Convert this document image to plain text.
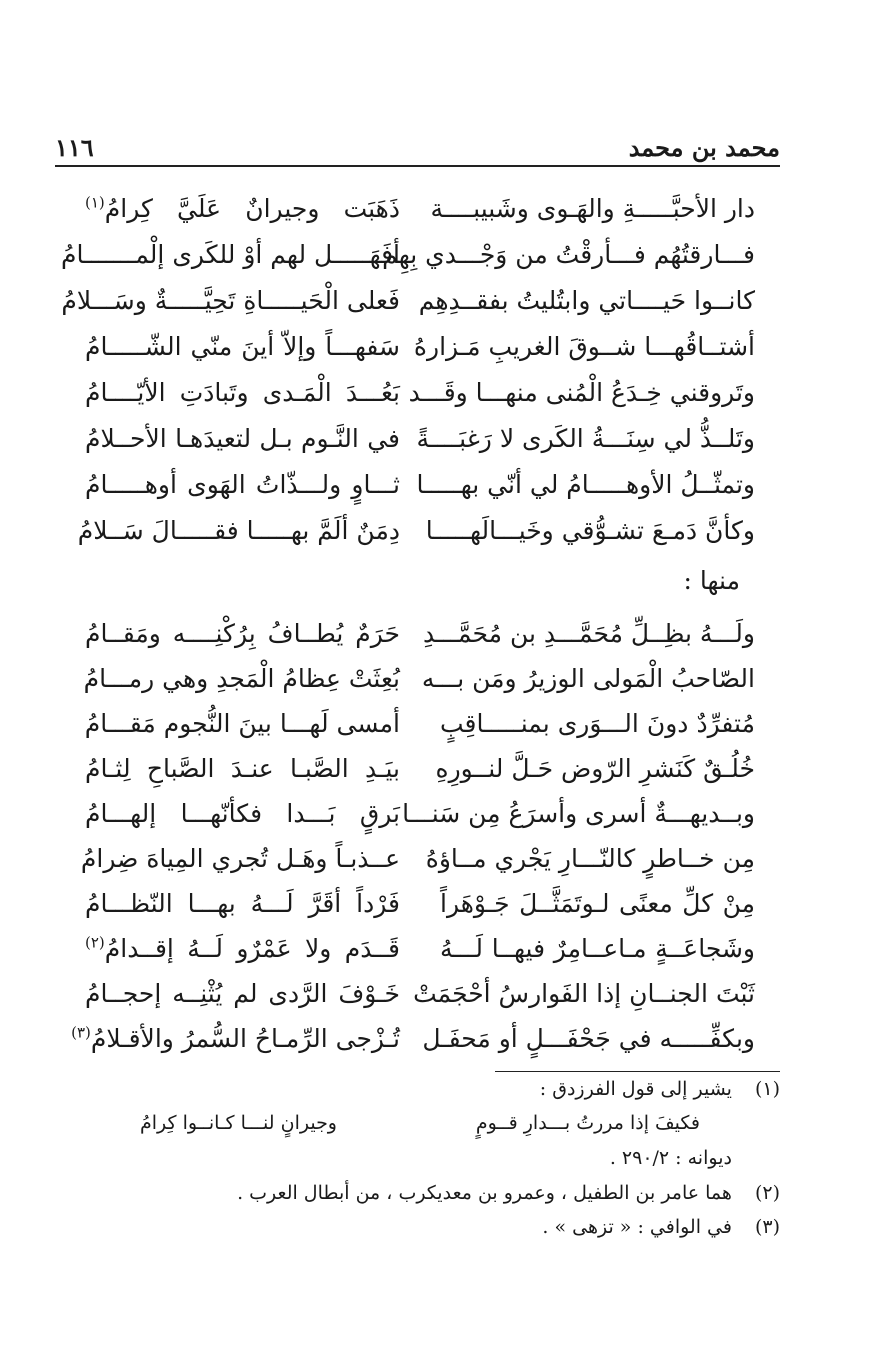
محمد بن محمد
١١٦
دار الأحبَّـــــةِ والهَـوى وشَبيبــــة
ذَهَبَت وجيرانٌ عَلَيَّ كِرامُ$^{(١)}$
فـــارقتُهُم فـــأرقْتُ من وَجْـــدي بِهِم
أفَهَـــــل لهم أوْ للكَرى إلْمـــــــامُ
كانــوا حَيــــاتي وابتُليتُ بفقــدِهِم
فَعلى الْحَيـــــاةِ تَحِيَّـــــةٌ وسَـــلامُ
أشتــاقُهـــا شــوقَ الغريبِ مَـزارهُ
سَفهـــاً وإلاّ أينَ منّي الشّـــــامُ
وتَروقني خِـدَعُ الْمُنى منهـــا وقَـــد
بَعُـــدَ الْمَـدى وتَبادَتِ الأيّــــامُ
وتَلــذُّ لي سِنَـــةُ الكَرى لا رَغبَــــةً
في النَّـوم بـل لتعيدَهـا الأحــلامُ
وتمثّــلُ الأوهـــــامُ لي أنّي بهـــــا
ثـــاوٍ ولـــذّاتُ الهَوى أوهـــــامُ
وكأنَّ دَمـعَ تشـوُّقي وخَيـــالَهـــــا
دِمَنٌ ألَمَّ بهـــــا فقـــــالَ سَــلامُ
منها :
ولَـــهُ بظِــلِّ مُحَمَّـــدِ بن مُحَمَّـــدِ
حَرَمٌ يُطــافُ بِرُكْنِــــه ومَقــامُ
الصّاحبُ الْمَولى الوزيرُ ومَن بـــه
بُعِثَتْ عِظامُ الْمَجدِ وهي رمـــامُ
مُتفرِّدٌ دونَ الـــوَرى بمنـــــاقِبٍ
أمسى لَهـــا بينَ النُّجوم مَقـــامُ
خُلُـقٌ كَنَشرِ الرّوض حَـلَّ لنــورِهِ
بيَـدِ الصَّبـا عنـدَ الصَّباحِ لِثـامُ
وبــديهـــةٌ أسرى وأسرَعُ مِن سَنـــا
بَرقٍ بَـــدا فكأنّهـــا إلهـــامُ
مِن خــاطرٍ كالنّـــارِ يَجْري مــاؤهُ
عــذبـاً وهَـل تُجري المِياهَ ضِرامُ
مِنْ كلِّ معنًى لـوتَمَثَّــلَ جَـوْهَراً
فَرْداً أقَرَّ لَـــهُ بهـــا النّظـــامُ
وشَجاعَــةٍ مـاعــامِرٌ فيهــا لَـــهُ
قَــدَم ولا عَمْرٌو لَــهُ إقــدامُ$^{(٢)}$
ثَبْتَ الجنــانِ إذا الفَوارسُ أحْجَمَتْ
خَـوْفَ الرَّدى لم يُثْنِــه إحجــامُ
وبكفِّـــــه في جَحْفَـــلٍ أو مَحفَـل
تُـزْجى الرِّمـاحُ السُّمرُ والأقـلامُ$^{(٣)}$
(١) يشير إلى قول الفرزدق :
فكيفَ إذا مررتُ بـــدارِ قــومٍ
وجيرانٍ لنـــا كـانــوا كِرامُ
ديوانه : ٢٩٠/٢ .
(٢) هما عامر بن الطفيل ، وعمرو بن معديكرب ، من أبطال العرب .
(٣) في الوافي : « تزهى » .
